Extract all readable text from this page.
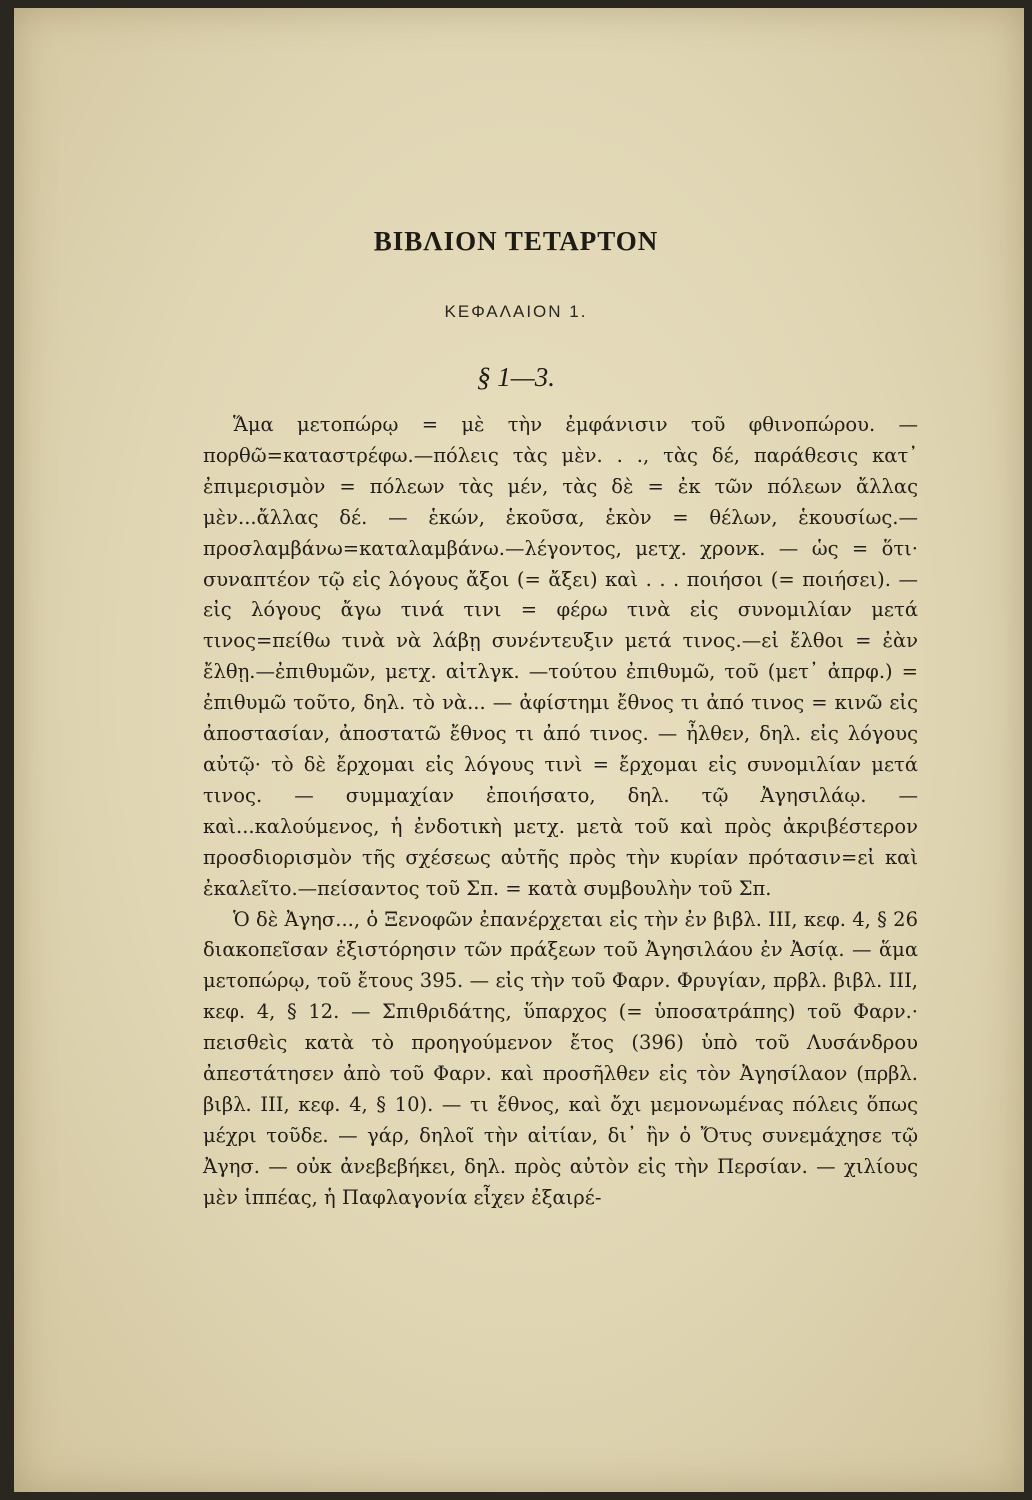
ΒΙΒΛΙΟΝ ΤΕΤΑΡΤΟΝ
ΚΕΦΑΛΑΙΟΝ 1.
§ 1—3.

Ἅμα μετοπώρῳ = μὲ τὴν ἐμφάνισιν τοῦ φθινοπώρου. — πορθῶ=καταστρέφω.—πόλεις τὰς μὲν. . ., τὰς δέ, παράθεσις κατ᾿ ἐπιμερισμὸν = πόλεων τὰς μέν, τὰς δὲ = ἐκ τῶν πόλεων ἄλλας μὲν...ἄλλας δέ. — ἑκών, ἑκοῦσα, ἑκὸν = θέλων, ἑκουσίως.—προσλαμβάνω=καταλαμβάνω.—λέγοντος, μετχ. χρονκ. — ὡς = ὅτι· συναπτέον τῷ εἰς λόγους ἄξοι (= ἄξει) καὶ . . . ποιήσοι (= ποιήσει). — εἰς λόγους ἄγω τινά τινι = φέρω τινὰ εἰς συνομιλίαν μετά τινος=πείθω τινὰ νὰ λάβῃ συνέντευξιν μετά τινος.—εἰ ἔλθοι = ἐὰν ἔλθῃ.—ἐπιθυμῶν, μετχ. αἰτλγκ. —τούτου ἐπιθυμῶ, τοῦ (μετ᾿ ἀπρφ.) = ἐπιθυμῶ τοῦτο, δηλ. τὸ νὰ... — ἀφίστημι ἔθνος τι ἀπό τινος = κινῶ εἰς ἀποστασίαν, ἀποστατῶ ἔθνος τι ἀπό τινος. — ἦλθεν, δηλ. εἰς λόγους αὐτῷ· τὸ δὲ ἔρχομαι εἰς λόγους τινὶ = ἔρχομαι εἰς συνομιλίαν μετά τινος. — συμμαχίαν ἐποιήσατο, δηλ. τῷ Ἀγησιλάῳ. — καὶ...καλούμενος, ἡ ἐνδοτικὴ μετχ. μετὰ τοῦ καὶ πρὸς ἀκριβέστερον προσδιορισμὸν τῆς σχέσεως αὐτῆς πρὸς τὴν κυρίαν πρότασιν=εἰ καὶ ἐκαλεῖτο.—πείσαντος τοῦ Σπ. = κατὰ συμβουλὴν τοῦ Σπ.

Ὁ δὲ Ἀγησ..., ὁ Ξενοφῶν ἐπανέρχεται εἰς τὴν ἐν βιβλ. III, κεφ. 4, § 26 διακοπεῖσαν ἐξιστόρησιν τῶν πράξεων τοῦ Ἀγησιλάου ἐν Ἀσίᾳ. — ἅμα μετοπώρῳ, τοῦ ἔτους 395. — εἰς τὴν τοῦ Φαρν. Φρυγίαν, πρβλ. βιβλ. III, κεφ. 4, § 12. — Σπιθριδάτης, ὕπαρχος (= ὑποσατράπης) τοῦ Φαρν.· πεισθεὶς κατὰ τὸ προηγούμενον ἔτος (396) ὑπὸ τοῦ Λυσάνδρου ἀπεστάτησεν ἀπὸ τοῦ Φαρν. καὶ προσῆλθεν εἰς τὸν Ἀγησίλαον (πρβλ. βιβλ. III, κεφ. 4, § 10). — τι ἔθνος, καὶ ὄχι μεμονωμένας πόλεις ὅπως μέχρι τοῦδε. — γάρ, δηλοῖ τὴν αἰτίαν, δι᾿ ἣν ὁ Ὄτυς συνεμάχησε τῷ Ἀγησ. — οὐκ ἀνεβεβήκει, δηλ. πρὸς αὐτὸν εἰς τὴν Περσίαν. — χιλίους μὲν ἱππέας, ἡ Παφλαγονία εἶχεν ἐξαιρέ-
